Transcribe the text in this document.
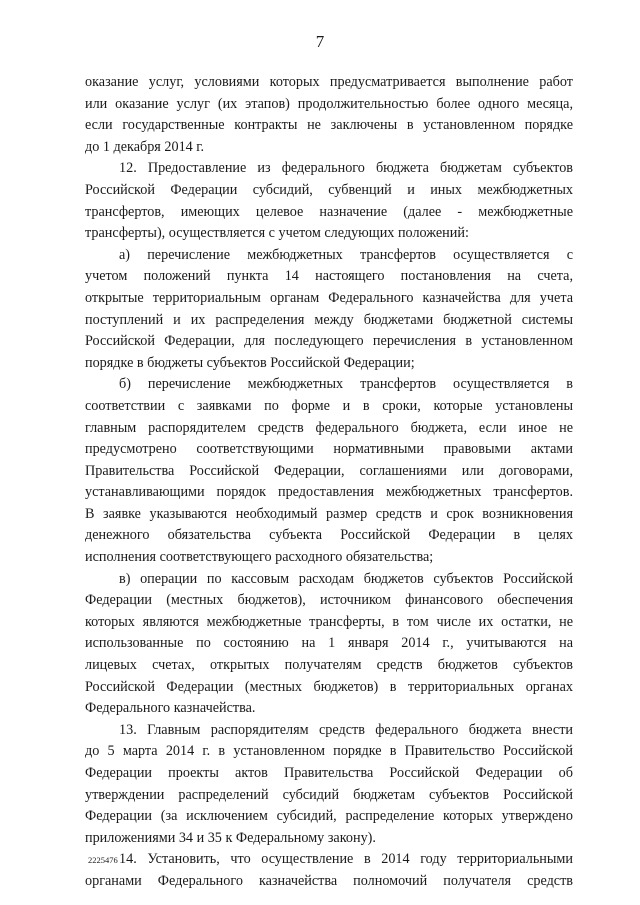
7
оказание услуг, условиями которых предусматривается выполнение работ
или оказание услуг (их этапов) продолжительностью более одного месяца,
если государственные контракты не заключены в установленном порядке
до 1 декабря 2014 г.
12. Предоставление из федерального бюджета бюджетам субъектов
Российской Федерации субсидий, субвенций и иных межбюджетных
трансфертов, имеющих целевое назначение (далее - межбюджетные
трансферты), осуществляется с учетом следующих положений:
а) перечисление межбюджетных трансфертов осуществляется с
учетом положений пункта 14 настоящего постановления на счета,
открытые территориальным органам Федерального казначейства для учета
поступлений и их распределения между бюджетами бюджетной системы
Российской Федерации, для последующего перечисления в установленном
порядке в бюджеты субъектов Российской Федерации;
б) перечисление межбюджетных трансфертов осуществляется в
соответствии с заявками по форме и в сроки, которые установлены
главным распорядителем средств федерального бюджета, если иное не
предусмотрено соответствующими нормативными правовыми актами
Правительства Российской Федерации, соглашениями или договорами,
устанавливающими порядок предоставления межбюджетных трансфертов.
В заявке указываются необходимый размер средств и срок возникновения
денежного обязательства субъекта Российской Федерации в целях
исполнения соответствующего расходного обязательства;
в) операции по кассовым расходам бюджетов субъектов Российской
Федерации (местных бюджетов), источником финансового обеспечения
которых являются межбюджетные трансферты, в том числе их остатки, не
использованные по состоянию на 1 января 2014 г., учитываются на
лицевых счетах, открытых получателям средств бюджетов субъектов
Российской Федерации (местных бюджетов) в территориальных органах
Федерального казначейства.
13. Главным распорядителям средств федерального бюджета внести
до 5 марта 2014 г. в установленном порядке в Правительство Российской
Федерации проекты актов Правительства Российской Федерации об
утверждении распределений субсидий бюджетам субъектов Российской
Федерации (за исключением субсидий, распределение которых утверждено
приложениями 34 и 35 к Федеральному закону).
14. Установить, что осуществление в 2014 году территориальными
органами Федерального казначейства полномочий получателя средств
2225476
